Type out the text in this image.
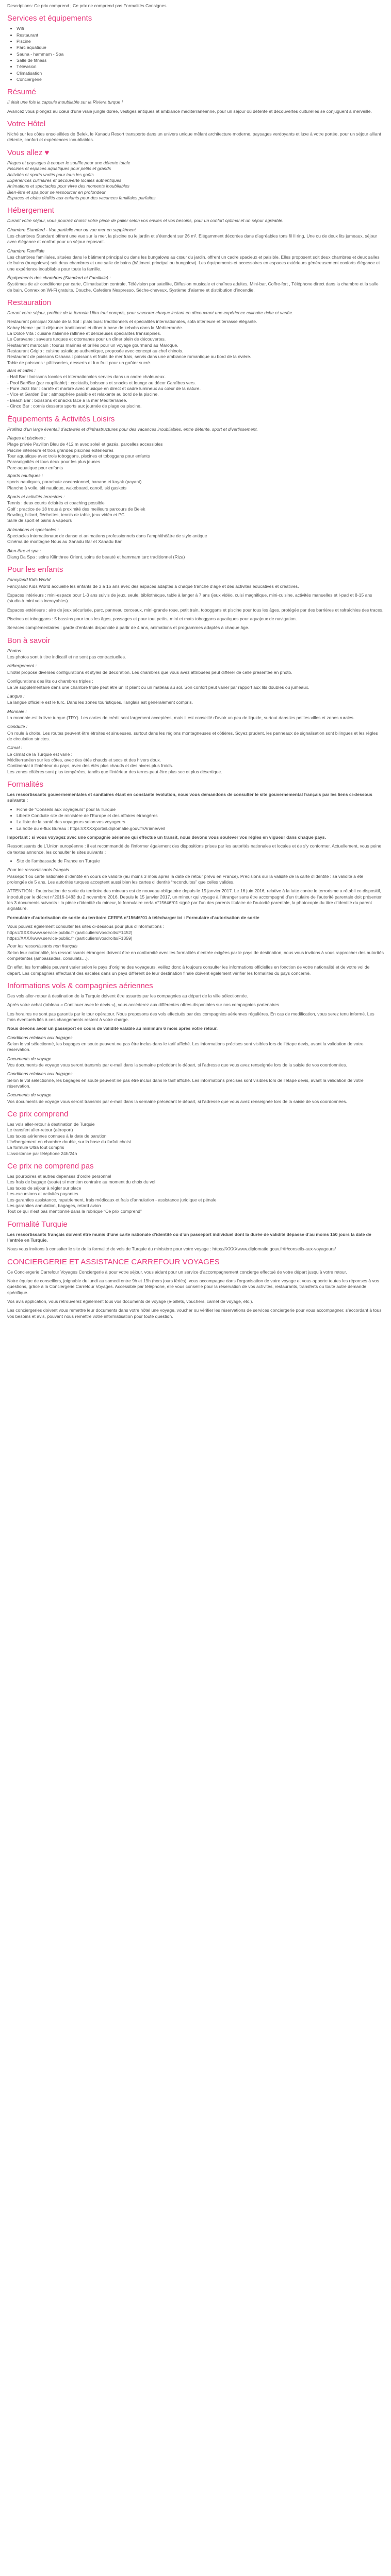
Descriptions: Ce prix comprend ; Ce prix ne comprend pas Formalités Consignes

Services et équipements
• Wifi
• Restaurant
• Piscine
• Parc aquatique
• Sauna - hammam - Spa
• Salle de fitness
• Télévision
• Climatisation
• Conciergerie
Résumé
Il était une fois la capsule inoubliable sur la Riviera turque !
Avancez vous plongez au cœur d’une vraie jungle dorée, vestiges antiques et ambiance méditerranéenne, pour un séjour où détente et découvertes culturelles se conjuguent à merveille.
Votre Hôtel
Niché sur les côtes ensoleillées de Belek, le Xanadu Resort transporte dans un univers unique mêlant architecture moderne, paysages verdoyants et luxe à votre portée, pour un séjour alliant détente, confort et expériences inoubliables.
Vous allez ♥
Plages et paysages à couper le souffle pour une détente totale
Piscines et espaces aquatiques pour petits et grands
Activités et sports variés pour tous les goûts
Expériences culinaires et découverte locales authentiques
Animations et spectacles pour vivre des moments inoubliables
Bien-être et spa pour se ressourcer en profondeur
Espaces et clubs dédiés aux enfants pour des vacances familiales parfaites
Hébergement
Durant votre séjour, vous pourrez choisir votre pièce de palier selon vos envies et vos besoins, pour un confort optimal et un séjour agréable.
Chambre Standard - Vue partielle mer ou vue mer en supplément
Les chambres Standard offrent une vue sur la mer, la piscine ou le jardin et s’étendent sur 26 m². Elégamment décorées dans d’agréables tons fil Il ring, Une ou de deux lits jumeaux, séjour avec élégance et confort pour un séjour reposant.
Chambre Familiale
Les chambres familiales, situées dans le bâtiment principal ou dans les bungalows au cœur du jardin, offrent un cadre spacieux et paisible. Elles proposent soit deux chambres et deux salles de bains (bungalows) soit deux chambres et une salle de bains (bâtiment principal ou bungalow). Les équipements et accessoires en espaces extérieurs généreusement conforts élégance et une expérience inoubliable pour toute la famille.
Équipements des chambres (Standard et Familiale) :
Systèmes de air conditioner par carte, Climatisation centrale, Télévision par satellite, Diffusion musicale et chaînes adultes, Mini-bar, Coffre-fort , Téléphone direct dans la chambre et la salle de bain, Connexion Wi-Fi gratuite, Douche, Cafetière Nespresso, Sèche-cheveux, Système d’alarme et distribution d’incendie.
Restauration
Durant votre séjour, profitez de la formule Ultra tout compris, pour savourer chaque instant en découvrant une expérience culinaire riche et variée.
Restaurant principal Xnade de la Sol : plats buis: traditionnels et spécialités internationales, sofa intérieure et terrasse élégante.
Kabay Heme : petit déjeuner traditionnel et dîner à base de kebabs dans la Méditerranée.
La Dolce Vita : cuisine italienne raffinée et délicieuses spécialités transalpines.
Le Caravane : saveurs turques et ottomanes pour un dîner plein de découvertes.
Restaurant marocain : tourus marinés et brillés pour un voyage gourmand au Maroque.
Restaurant Grigio : cuisine asiatique authentique, proposée avec concept au chef chinois.
Restaurant de poissons Oshana : poissons et fruits de mer frais, servis dans une ambiance romantique au bord de la rivière.
Table de poissons : pâtisseries, desserts et fun fruit pour un goûter sucré.
Bars et cafés :
- Hall Bar : boissons locales et internationales servies dans un cadre chaleureux.
- Pool Bar/Bar (par roupillable) : cocktails, boissons et snacks et lounge au décor Caraïbes vers.
- Pure Jazz Bar : carafe et marbre avec musique en direct et cadre lumineux au cœur de la nature.
- Vice et Garden Bar : atmosphère paisible et relaxante au bord de la piscine.
- Beach Bar : boissons et snacks face à la mer Méditerranée.
- Cinco Bar : cornis desserte sports aux journée de plage ou piscine.
Équipements & Activités Loisirs
Profitez d’un large éventail d’activités et d’infrastructures pour des vacances inoubliables, entre détente, sport et divertissement.
Plages et piscines :
Plage privée Pavillon Bleu de 412 m avec soleil et gazés, parcelles accessibles
Piscine intérieure et trois grandes piscines extérieures
Tour aquatique avec trois toboggans, piscines et toboggans pour enfants
Parasoignités et tous deux pour les plus jeunes
Parc aquatique pour enfants
Sports nautiques :
sports nautiques, parachute ascensionnel, banane et kayak (payant)
Planche à voile, ski nautique, wakeboard, canoë, ski gaskets
Sports et activités terrestres :
Tennis : deux courts éclairés et coaching possible
Golf : practice de 18 trous à proximité des meilleurs parcours de Belek
Bowling, billard, fléchettes, tennis de table, jeux vidéo et PC
Salle de sport et bains à vapeurs
Animations et spectacles :
Spectacles internationaux de danse et animations professionnels dans l’amphithéâtre de style antique
Cinéma de montagne Nous au Xanadu Bar et Xanadu Bar
Bien-être et spa :
Dlang Da Spa : soins Kilinthree Orient, soins de beauté et hammam turc traditionnel (Riza)
Pour les enfants
Fancyland Kids World
Fancyland Kids World accueille les enfants de 3 à 16 ans avec des espaces adaptés à chaque tranche d’âge et des activités éducatives et créatives.
Espaces intérieurs : mini-espace pour 1-3 ans suivis de jeux, seule, bibliothèque, table à langer à 7 ans (jeux vidéo, cuisi magnifique, mini-cuisine, activités manuelles et I-pad et 8-15 ans (studio à mini vols incroyables).
Espaces extérieurs : aire de jeux sécurisée, parc, panneau cerceaux, mini-grande roue, petit train, toboggans et piscine pour tous les âges, protégée par des barrières et rafraîchies des traces.
Piscines et toboggans : 5 bassins pour tous les âges, passages et pour tout petits, mini et mats toboggans aquatiques pour aquajeux de navigation.
Services complémentaires : garde d’enfants disponible à partir de 4 ans, animations et programmes adaptés à chaque âge.
Bon à savoir
Photos :
Les photos sont à titre indicatif et ne sont pas contractuelles.
Hébergement :
L’hôtel propose diverses configurations et styles de décoration. Les chambres que vous avez attribuées peut différer de celle présentée en photo.
Configurations des lits ou chambres triples :
La 3e supplémentaire dans une chambre triple peut être un lit pliant ou un matelas au sol. Son confort peut varier par rapport aux lits doubles ou jumeaux.
Langue :
La langue officielle est le turc. Dans les zones touristiques, l’anglais est généralement compris.
Monnaie :
La monnaie est la livre turque (TRY). Les cartes de crédit sont largement acceptées, mais il est conseillé d’avoir un peu de liquide, surtout dans les petites villes et zones rurales.
Conduite :
On roule à droite. Les routes peuvent être étroites et sinueuses, surtout dans les régions montagneuses et côtières. Soyez prudent, les panneaux de signalisation sont bilingues et les règles de circulation strictes.
Climat :
Le climat de la Turquie est varié :
Méditerranéen sur les côtes, avec des étés chauds et secs et des hivers doux.
Continental à l’intérieur du pays, avec des étés plus chauds et des hivers plus froids.
Les zones côtières sont plus tempérées, tandis que l’intérieur des terres peut être plus sec et plus désertique.
Formalités
Les ressortissants gouvernementales et sanitaires étant en constante évolution, nous vous demandons de consulter le site gouvernemental français par les liens ci-dessous suivants :
• Fiche de “Conseils aux voyageurs” pour la Turquie
• Liberté Conduite site de ministère de l’Europe et des affaires étrangères
• La liste de la santé des voyageurs selon vos voyageurs
• La hotte du e-flux Bureau : https://XXXXportail.diplomatie.gouv.fr/Ariane/veil
Important : si vous voyagez avec une compagnie aérienne qui effectue un transit, nous devons vous soulever vos règles en vigueur dans chaque pays.
Ressortissants de L’Union européenne : il est recommandé de l’informer également des dispositions prises par les autorités nationales et locales et de s’y conformer. Actuellement, vous peine de textes annonce, les consulter le sites suivants :
• Site de l’ambassade de France en Turquie
Pour les ressortissants français
Passeport ou carte nationale d’identité en cours de validité (au moins 3 mois après la date de retour prévu en France). Précisions sur la validité de la carte d’identité : sa validité a été prolongée de 5 ans. Les autorités turques acceptent aussi bien les cartes d’identité “reconduites” que celles valides.
ATTENTION : l’autorisation de sortie du territoire des mineurs est de nouveau obligatoire depuis le 15 janvier 2017. Le 16 juin 2016, relative à la lutte contre le terrorisme a rétabli ce dispositif, introduit par le décret n°2016-1483 du 2 novembre 2016. Depuis le 15 janvier 2017, un mineur qui voyage à l’étranger sans être accompagné d’un titulaire de l’autorité parentale doit présenter les 3 documents suivants : la pièce d’identité du mineur, le formulaire cerfa n°15646*01 signé par l’un des parents titulaire de l’autorité parentale, la photocopie du titre d’identité du parent signataire.
Formulaire d’autorisation de sortie du territoire CERFA n°15646*01 à télécharger ici : Formulaire d’autorisation de sortie
Vous pouvez également consulter les sites ci-dessous pour plus d’informations :
https://XXXXwww.service-public.fr (particuliers/vosdroits/F1452)
https://XXXXwww.service-public.fr (particuliers/vosdroits/F1359)
Pour les ressortissants non français
Selon leur nationalité, les ressortissants étrangers doivent être en conformité avec les formalités d’entrée exigées par le pays de destination, nous vous invitons à vous rapprocher des autorités compétentes (ambassades, consulats…).
En effet, les formalités peuvent varier selon le pays d’origine des voyageurs, veillez donc à toujours consulter les informations officielles en fonction de votre nationalité et de votre vol de départ. Les compagnies effectuant des escales dans un pays différent de leur destination finale doivent également vérifier les formalités du pays concerné.
Informations vols & compagnies aériennes
Des vols aller-retour à destination de la Turquie doivent être assurés par les compagnies au départ de la ville sélectionnée.
Après votre achat (tableau « Continuer avec le devis »), vous accéderez aux différentes offres disponibles sur nos compagnies partenaires.
Les horaires ne sont pas garantis par le tour opérateur. Nous proposons des vols effectués par des compagnies aériennes régulières. En cas de modification, vous serez tenu informé. Les frais éventuels liés à ces changements restent à votre charge.
Nous devons avoir un passeport en cours de validité valable au minimum 6 mois après votre retour.
Conditions relatives aux bagages
Selon le vol sélectionné, les bagages en soute peuvent ne pas être inclus dans le tarif affiché. Les informations précises sont visibles lors de l’étape devis, avant la validation de votre réservation.
Documents de voyage
Vos documents de voyage vous seront transmis par e-mail dans la semaine précédant le départ, si l’adresse que vous avez renseignée lors de la saisie de vos coordonnées.
Conditions relatives aux bagages
Selon le vol sélectionné, les bagages en soute peuvent ne pas être inclus dans le tarif affiché. Les informations précises sont visibles lors de l’étape devis, avant la validation de votre réservation.
Documents de voyage
Vos documents de voyage vous seront transmis par e-mail dans la semaine précédant le départ, si l’adresse que vous avez renseignée lors de la saisie de vos coordonnées.
Ce prix comprend
Les vols aller-retour à destination de Turquie
Le transfert aller-retour (aéroport)
Les taxes aériennes connues à la date de parution
L’hébergement en chambre double, sur la base du forfait choisi
La formule Ultra tout compris
L’assistance par téléphone 24h/24h
Ce prix ne comprend pas
Les pourboires et autres dépenses d’ordre personnel
Les frais de bagage (soute) si mention contraire au moment du choix du vol
Les taxes de séjour à régler sur place
Les excursions et activités payantes
Les garanties assistance, rapatriement, frais médicaux et frais d’annulation - assistance juridique et pénale
Les garanties annulation, bagages, retard avion
Tout ce qui n’est pas mentionné dans la rubrique “Ce prix comprend”
Formalité Turquie
Les ressortissants français doivent être munis d’une carte nationale d’identité ou d’un passeport individuel dont la durée de validité dépasse d’au moins 150 jours la date de l’entrée en Turquie.
Nous vous invitons à consulter le site de la formalité de vols de Turquie du ministère pour votre voyage : https://XXXXwww.diplomatie.gouv.fr/fr/conseils-aux-voyageurs/
CONCIERGERIE ET ASSISTANCE CARREFOUR VOYAGES
Ce Conciergerie Carrefour Voyages Conciergerie à pour votre séjour, vous aidant pour un service d’accompagnement concierge effectué de votre départ jusqu’à votre retour.
Notre équipe de conseillers, joignable du lundi au samedi entre 9h et 19h (hors jours fériés), vous accompagne dans l’organisation de votre voyage et vous apporte toutes les réponses à vos questions, grâce à la Conciergerie Carrefour Voyages. Accessible par téléphone, elle vous conseille pour la réservation de vos activités, restaurants, transferts ou toute autre demande spécifique.
Vos avis application, vous retrouverez également tous vos documents de voyage (e-billets, vouchers, carnet de voyage, etc.).
Les conciergeries doivent vous remettre leur documents dans votre hôtel une voyage, voucher ou vérifier les réservations de services conciergerie pour vous accompagner, s’accordant à tous vos besoins et avis, pouvant nous remettre votre informatisation pour toute question.
